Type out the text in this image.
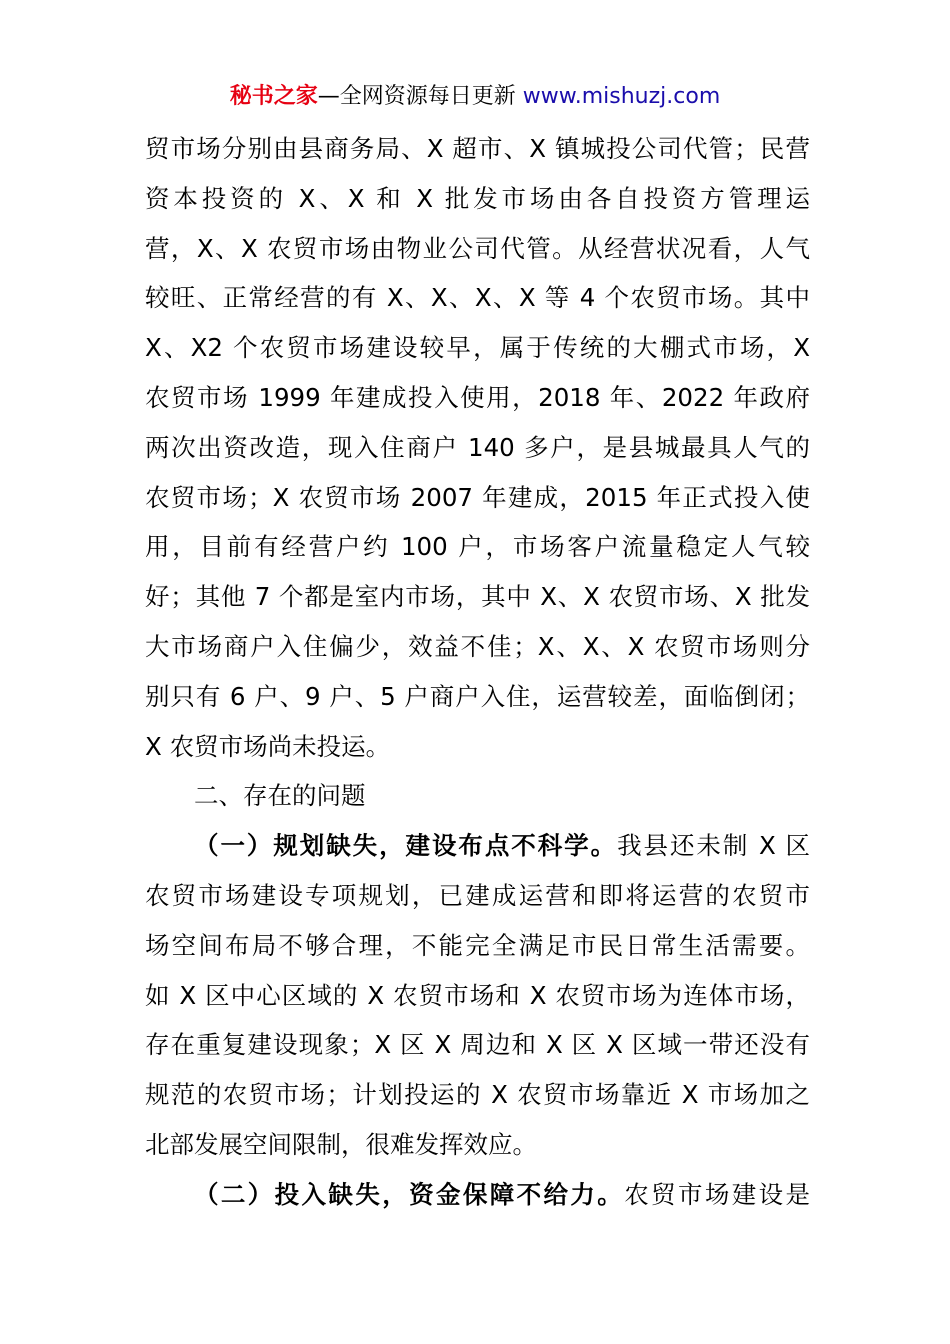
秘书之家—全网资源每日更新 www.mishuzj.com
贸市场分别由县商务局、X 超市、X 镇城投公司代管；民营
资本投资的 X、X 和 X 批发市场由各自投资方管理运
营，X、X 农贸市场由物业公司代管。从经营状况看，人气
较旺、正常经营的有 X、X、X、X 等 4 个农贸市场。其中
X、X2 个农贸市场建设较早，属于传统的大棚式市场，X
农贸市场 1999 年建成投入使用，2018 年、2022 年政府
两次出资改造，现入住商户 140 多户，是县城最具人气的
农贸市场；X 农贸市场 2007 年建成，2015 年正式投入使
用，目前有经营户约 100 户，市场客户流量稳定人气较
好；其他 7 个都是室内市场，其中 X、X 农贸市场、X 批发
大市场商户入住偏少，效益不佳；X、X、X 农贸市场则分
别只有 6 户、9 户、5 户商户入住，运营较差，面临倒闭；
X 农贸市场尚未投运。
二、存在的问题
（一）规划缺失，建设布点不科学。我县还未制 X 区
农贸市场建设专项规划，已建成运营和即将运营的农贸市
场空间布局不够合理，不能完全满足市民日常生活需要。
如 X 区中心区域的 X 农贸市场和 X 农贸市场为连体市场，
存在重复建设现象；X 区 X 周边和 X 区 X 区域一带还没有
规范的农贸市场；计划投运的 X 农贸市场靠近 X 市场加之
北部发展空间限制，很难发挥效应。
（二）投入缺失，资金保障不给力。农贸市场建设是
